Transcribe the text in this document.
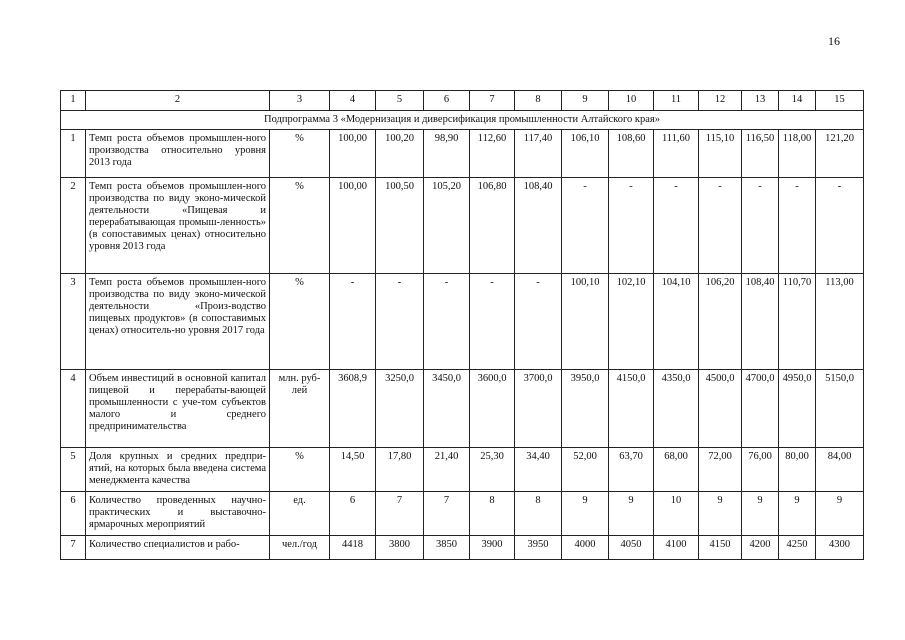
16
1	2	3	4	5	6	7	8	9	10	11	12	13	14	15
Подпрограмма 3 «Модернизация и диверсификация промышленности Алтайского края»														
1	Темп роста объемов промышлен-ного производства относительно уровня 2013 года	%	100,00	100,20	98,90	112,60	117,40	106,10	108,60	111,60	115,10	116,50	118,00	121,20
2	Темп роста объемов промышлен-ного производства по виду эконо-мической деятельности «Пищевая и перерабатывающая промыш-ленность» (в сопоставимых ценах) относительно уровня 2013 года	%	100,00	100,50	105,20	106,80	108,40	-	-	-	-	-	-	-
3	Темп роста объемов промышлен-ного производства по виду эконо-мической деятельности «Произ-водство пищевых продуктов» (в сопоставимых ценах) относитель-но уровня 2017 года	%	-	-	-	-	-	100,10	102,10	104,10	106,20	108,40	110,70	113,00
4	Объем инвестиций в основной капитал пищевой и перерабаты-вающей промышленности с уче-том субъектов малого и среднего предпринимательства	млн. руб-лей	3608,9	3250,0	3450,0	3600,0	3700,0	3950,0	4150,0	4350,0	4500,0	4700,0	4950,0	5150,0
5	Доля крупных и средних предпри-ятий, на которых была введена система менеджмента качества	%	14,50	17,80	21,40	25,30	34,40	52,00	63,70	68,00	72,00	76,00	80,00	84,00
6	Количество проведенных научно-практических и выставочно-ярмарочных мероприятий	ед.	6	7	7	8	8	9	9	10	9	9	9	9
7	Количество специалистов и рабо-	чел./год	4418	3800	3850	3900	3950	4000	4050	4100	4150	4200	4250	4300
